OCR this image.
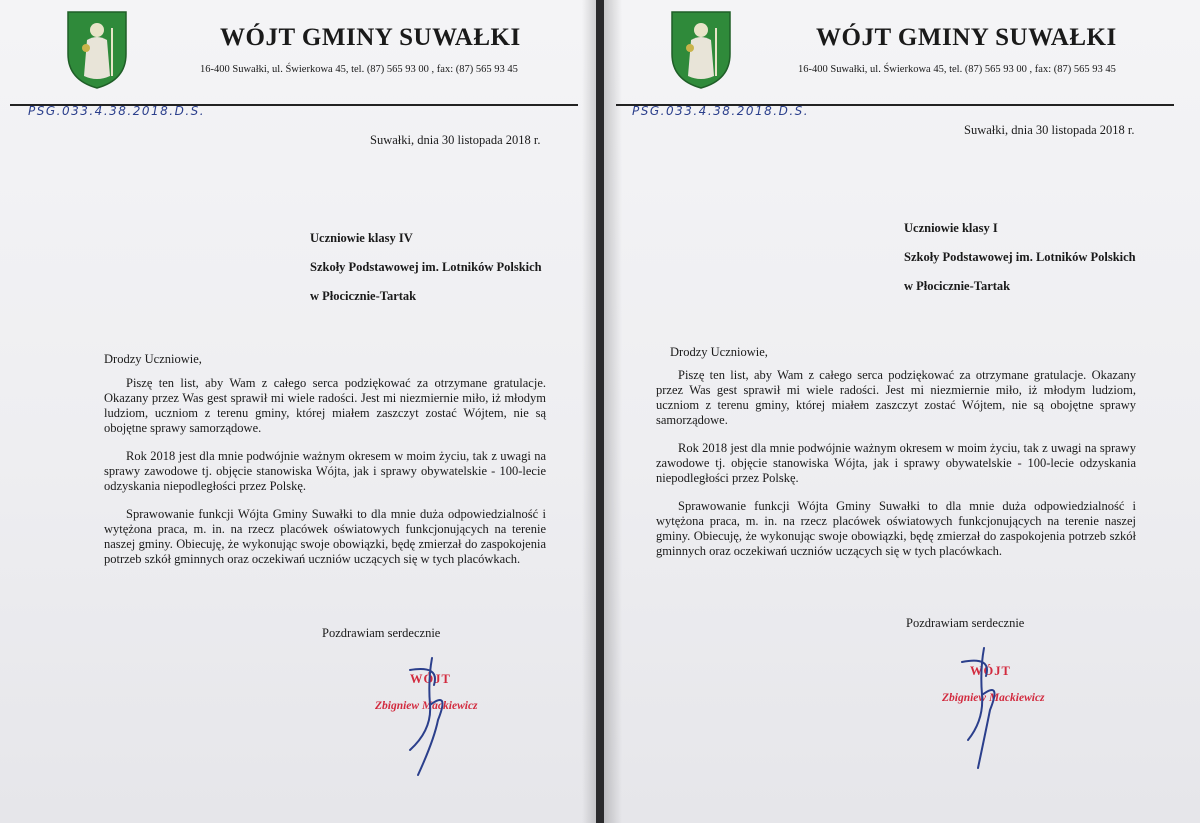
WÓJT GMINY SUWAŁKI
16-400 Suwałki, ul. Świerkowa 45, tel. (87) 565 93 00 , fax: (87) 565 93 45
PSG.033.4.38.2018.D.S.
Suwałki, dnia 30 listopada 2018 r.
Uczniowie klasy IV
Szkoły Podstawowej im. Lotników Polskich
w Płocicznie-Tartak
Drodzy Uczniowie,

Piszę ten list, aby Wam z całego serca podziękować za otrzymane gratulacje. Okazany przez Was gest sprawił mi wiele radości. Jest mi niezmiernie miło, iż młodym ludziom, uczniom z terenu gminy, której miałem zaszczyt zostać Wójtem, nie są obojętne sprawy samorządowe.

Rok 2018 jest dla mnie podwójnie ważnym okresem w moim życiu, tak z uwagi na sprawy zawodowe tj. objęcie stanowiska Wójta, jak i sprawy obywatelskie - 100-lecie odzyskania niepodległości przez Polskę.

Sprawowanie funkcji Wójta Gminy Suwałki to dla mnie duża odpowiedzialność i wytężona praca, m. in. na rzecz placówek oświatowych funkcjonujących na terenie naszej gminy. Obiecuję, że wykonując swoje obowiązki, będę zmierzał do zaspokojenia potrzeb szkół gminnych oraz oczekiwań uczniów uczących się w tych placówkach.

Pozdrawiam serdecznie
WÓJT
Zbigniew Mackiewicz
WÓJT GMINY SUWAŁKI
16-400 Suwałki, ul. Świerkowa 45, tel. (87) 565 93 00 , fax: (87) 565 93 45
PSG.033.4.38.2018.D.S.
Suwałki, dnia 30 listopada 2018 r.
Uczniowie klasy I
Szkoły Podstawowej im. Lotników Polskich
w Płocicznie-Tartak
Drodzy Uczniowie,

Piszę ten list, aby Wam z całego serca podziękować za otrzymane gratulacje. Okazany przez Was gest sprawił mi wiele radości. Jest mi niezmiernie miło, iż młodym ludziom, uczniom z terenu gminy, której miałem zaszczyt zostać Wójtem, nie są obojętne sprawy samorządowe.

Rok 2018 jest dla mnie podwójnie ważnym okresem w moim życiu, tak z uwagi na sprawy zawodowe tj. objęcie stanowiska Wójta, jak i sprawy obywatelskie - 100-lecie odzyskania niepodległości przez Polskę.

Sprawowanie funkcji Wójta Gminy Suwałki to dla mnie duża odpowiedzialność i wytężona praca, m. in. na rzecz placówek oświatowych funkcjonujących na terenie naszej gminy. Obiecuję, że wykonując swoje obowiązki, będę zmierzał do zaspokojenia potrzeb szkół gminnych oraz oczekiwań uczniów uczących się w tych placówkach.

Pozdrawiam serdecznie
WÓJT
Zbigniew Mackiewicz
